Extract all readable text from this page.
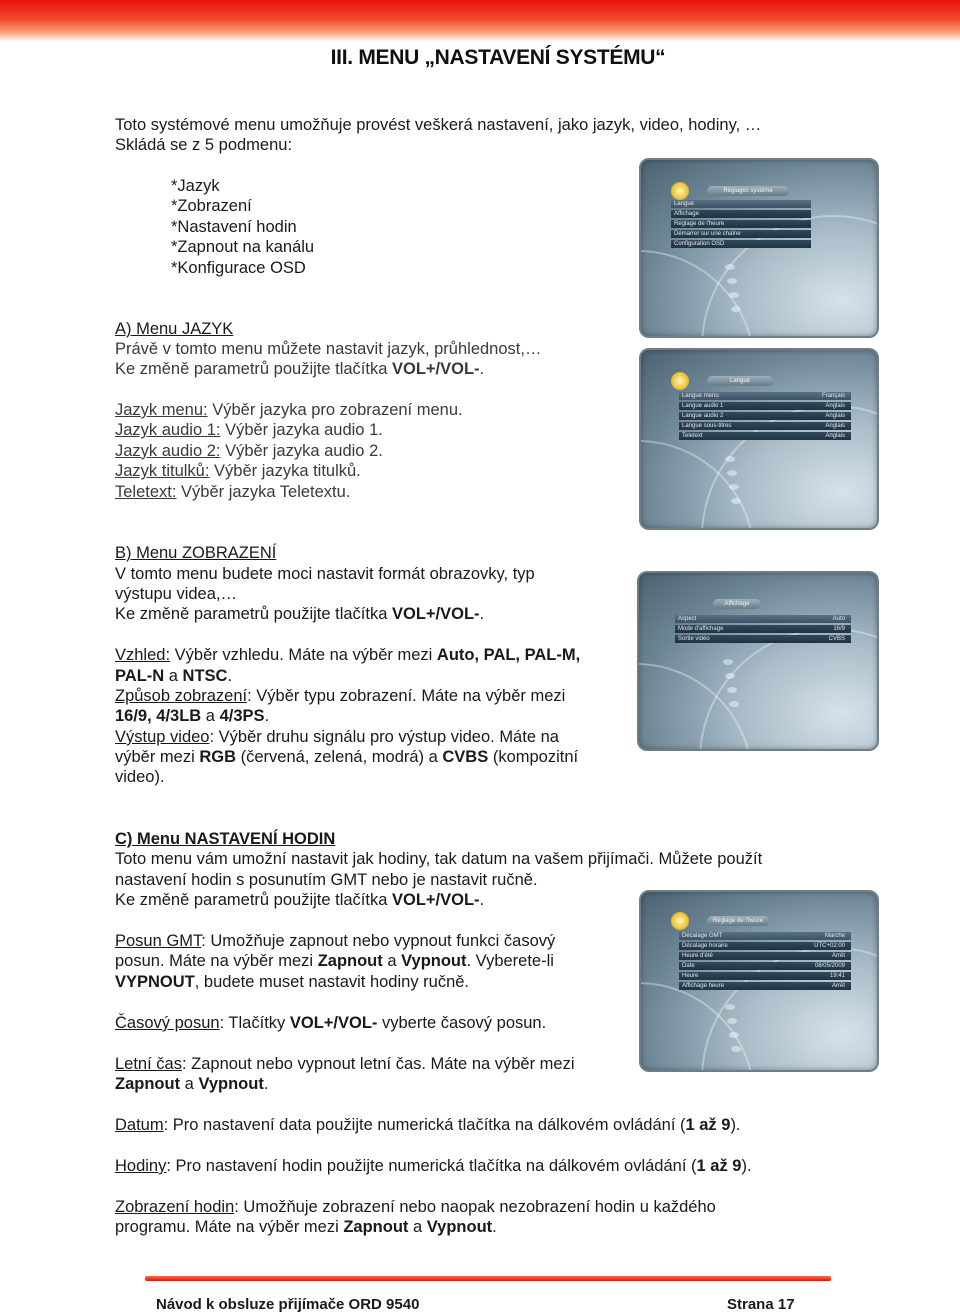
III. MENU „NASTAVENÍ SYSTÉMU“
Toto systémové menu umožňuje provést veškerá nastavení, jako jazyk, video, hodiny, …
Skládá se z 5 podmenu:
*Jazyk
*Zobrazení
*Nastavení hodin
*Zapnout na kanálu
*Konfigurace OSD
A) Menu JAZYK
Právě v tomto menu můžete nastavit jazyk, průhlednost,…
Ke změně parametrů použijte tlačítka VOL+/VOL-.
Jazyk menu: Výběr jazyka pro zobrazení menu.
Jazyk audio 1: Výběr jazyka audio 1.
Jazyk audio 2: Výběr jazyka audio 2.
Jazyk titulků: Výběr jazyka titulků.
Teletext: Výběr jazyka Teletextu.
B) Menu ZOBRAZENÍ
V tomto menu budete moci nastavit formát obrazovky, typ
výstupu videa,…
Ke změně parametrů použijte tlačítka VOL+/VOL-.
Vzhled: Výběr vzhledu. Máte na výběr mezi Auto, PAL, PAL-M,
PAL-N a NTSC.
Způsob zobrazení: Výběr typu zobrazení. Máte na výběr mezi
16/9, 4/3LB a 4/3PS.
Výstup video: Výběr druhu signálu pro výstup video. Máte na
výběr mezi RGB (červená, zelená, modrá) a CVBS (kompozitní
video).
C) Menu NASTAVENÍ HODIN
Toto menu vám umožní nastavit jak hodiny, tak datum na vašem přijímači. Můžete použít
nastavení hodin s posunutím GMT nebo je nastavit ručně.
Ke změně parametrů použijte tlačítka VOL+/VOL-.
Posun GMT: Umožňuje zapnout nebo vypnout funkci časový
posun. Máte na výběr mezi Zapnout a Vypnout. Vyberete-li
VYPNOUT, budete muset nastavit hodiny ručně.
Časový posun: Tlačítky VOL+/VOL- vyberte časový posun.
Letní čas: Zapnout nebo vypnout letní čas. Máte na výběr mezi
Zapnout a Vypnout.
Datum: Pro nastavení data použijte numerická tlačítka na dálkovém ovládání (1 až 9).
Hodiny: Pro nastavení hodin použijte numerická tlačítka na dálkovém ovládání (1 až 9).
Zobrazení hodin: Umožňuje zobrazení nebo naopak nezobrazení hodin u každého
programu. Máte na výběr mezi Zapnout a Vypnout.
Réglages système
Langue
Affichage
Réglage de l'heure
Démarrer sur une chaîne
Configuration OSD
Langue
Langue menu	Français
Langue audio 1	Anglais
Langue audio 2	Anglais
Langue sous-titres	Anglais
Teletext	Anglais
Affichage
Aspect	Auto
Mode d'affichage	16/9
Sortie vidéo	CVBS
Réglage de l'heure
Décalage GMT	Marche
Décalage horaire	UTC+02:00
Heure d'été	Arrêt
Date	08/05/2009
Heure	19:41
Affichage heure	Arrêt
Návod k obsluze přijímače ORD 9540	Strana 17
